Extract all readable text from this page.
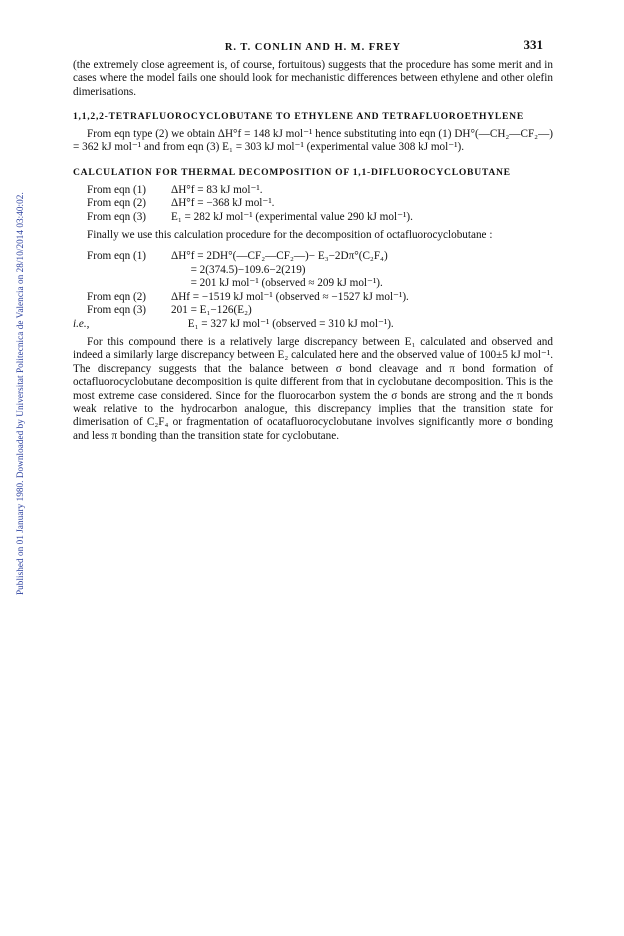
Published on 01 January 1980. Downloaded by Universitat Politecnica de Valencia on 28/10/2014 03:40:02.
R. T. CONLIN AND H. M. FREY	331

(the extremely close agreement is, of course, fortuitous) suggests that the procedure has some merit and in cases where the model fails one should look for mechanistic differences between ethylene and other olefin dimerisations.

1,1,2,2-TETRAFLUOROCYCLOBUTANE TO ETHYLENE AND TETRAFLUOROETHYLENE

From eqn type (2) we obtain ΔH°f = 148 kJ mol⁻¹ hence substituting into eqn (1) DH°(—CH₂—CF₂—) = 362 kJ mol⁻¹ and from eqn (3) E₁ = 303 kJ mol⁻¹ (experimental value 308 kJ mol⁻¹).

CALCULATION FOR THERMAL DECOMPOSITION OF 1,1-DIFLUOROCYCLOBUTANE
From eqn (1)	ΔH°f = 83 kJ mol⁻¹.
From eqn (2)	ΔH°f = −368 kJ mol⁻¹.
From eqn (3)	E₁ = 282 kJ mol⁻¹ (experimental value 290 kJ mol⁻¹).

Finally we use this calculation procedure for the decomposition of octafluorocyclobutane :

From eqn (1)	ΔH°f = 2DH°(—CF₂—CF₂—)− E₃−2Dπ°(C₂F₄)
= 2(374.5)−109.6−2(219)
= 201 kJ mol⁻¹ (observed ≈ 209 kJ mol⁻¹).
From eqn (2)	ΔHf = −1519 kJ mol⁻¹ (observed ≈ −1527 kJ mol⁻¹).
From eqn (3)	201 = E₁−126(E₂)
i.e.,	E₁ = 327 kJ mol⁻¹ (observed = 310 kJ mol⁻¹).

For this compound there is a relatively large discrepancy between E₁ calculated and observed and indeed a similarly large discrepancy between E₂ calculated here and the observed value of 100±5 kJ mol⁻¹. The discrepancy suggests that the balance between σ bond cleavage and π bond formation of octafluorocyclobutane decomposition is quite different from that in cyclobutane decomposition. This is the most extreme case considered. Since for the fluorocarbon system the σ bonds are strong and the π bonds weak relative to the hydrocarbon analogue, this discrepancy implies that the transition state for dimerisation of C₂F₄ or fragmentation of ocatafluorocyclobutane involves significantly more σ bonding and less π bonding than the transition state for cyclobutane.
